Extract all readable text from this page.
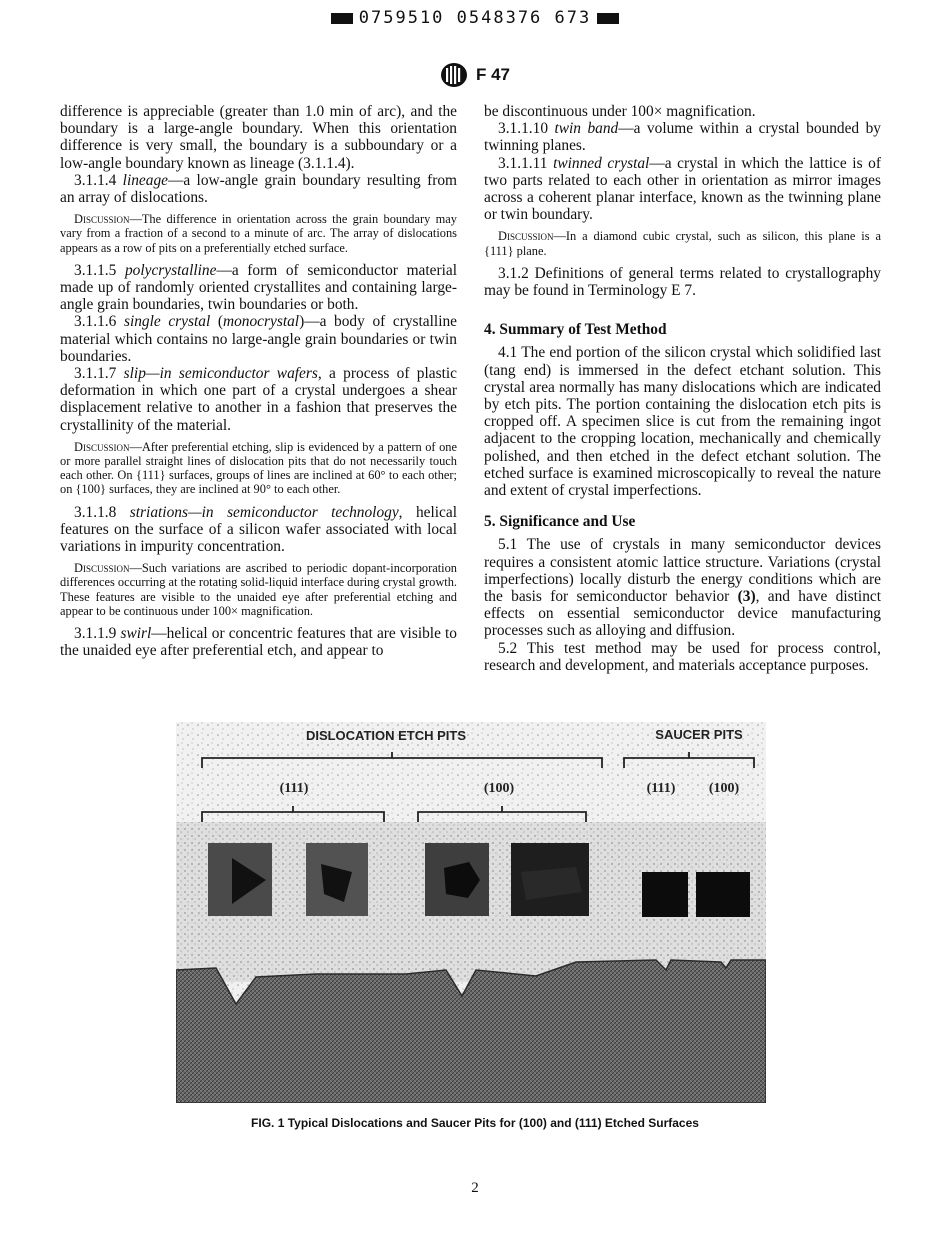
0759510 0548376 673
F 47

difference is appreciable (greater than 1.0 min of arc), and the boundary is a large-angle boundary. When this orientation difference is very small, the boundary is a subboundary or a low-angle boundary known as lineage (3.1.1.4).

3.1.1.4 lineage—a low-angle grain boundary resulting from an array of dislocations.

Discussion—The difference in orientation across the grain boundary may vary from a fraction of a second to a minute of arc. The array of dislocations appears as a row of pits on a preferentially etched surface.

3.1.1.5 polycrystalline—a form of semiconductor material made up of randomly oriented crystallites and containing large-angle grain boundaries, twin boundaries or both.

3.1.1.6 single crystal (monocrystal)—a body of crystalline material which contains no large-angle grain boundaries or twin boundaries.

3.1.1.7 slip—in semiconductor wafers, a process of plastic deformation in which one part of a crystal undergoes a shear displacement relative to another in a fashion that preserves the crystallinity of the material.

Discussion—After preferential etching, slip is evidenced by a pattern of one or more parallel straight lines of dislocation pits that do not necessarily touch each other. On {111} surfaces, groups of lines are inclined at 60° to each other; on {100} surfaces, they are inclined at 90° to each other.

3.1.1.8 striations—in semiconductor technology, helical features on the surface of a silicon wafer associated with local variations in impurity concentration.

Discussion—Such variations are ascribed to periodic dopant-incorporation differences occurring at the rotating solid-liquid interface during crystal growth. These features are visible to the unaided eye after preferential etching and appear to be continuous under 100× magnification.

3.1.1.9 swirl—helical or concentric features that are visible to the unaided eye after preferential etch, and appear to

be discontinuous under 100× magnification.

3.1.1.10 twin band—a volume within a crystal bounded by twinning planes.

3.1.1.11 twinned crystal—a crystal in which the lattice is of two parts related to each other in orientation as mirror images across a coherent planar interface, known as the twinning plane or twin boundary.

Discussion—In a diamond cubic crystal, such as silicon, this plane is a {111} plane.

3.1.2 Definitions of general terms related to crystallography may be found in Terminology E 7.

4. Summary of Test Method

4.1 The end portion of the silicon crystal which solidified last (tang end) is immersed in the defect etchant solution. This crystal area normally has many dislocations which are indicated by etch pits. The portion containing the dislocation etch pits is cropped off. A specimen slice is cut from the remaining ingot adjacent to the cropping location, mechanically and chemically polished, and then etched in the defect etchant solution. The etched surface is examined microscopically to reveal the nature and extent of crystal imperfections.

5. Significance and Use

5.1 The use of crystals in many semiconductor devices requires a consistent atomic lattice structure. Variations (crystal imperfections) locally disturb the energy conditions which are the basis for semiconductor behavior (3), and have distinct effects on essential semiconductor device manufacturing processes such as alloying and diffusion.

5.2 This test method may be used for process control, research and development, and materials acceptance purposes.

DISLOCATION ETCH PITS	SAUCER PITS
(111)	(100)	(111) (100)
FIG. 1 Typical Dislocations and Saucer Pits for (100) and (111) Etched Surfaces
2
